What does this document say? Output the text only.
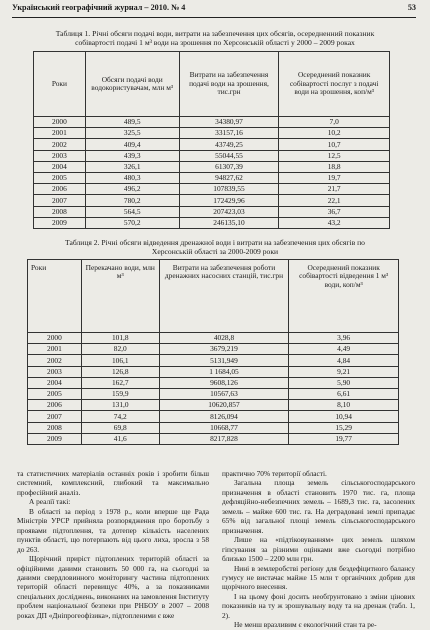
Український географічний журнал – 2010. № 4	53
Таблиця 1. Річні обсяги подачі води, витрати на забезпечення цих обсягів, осередненний показник
собівартості подачі 1 м³ води на зрошення по Херсонській області у 2000 – 2009 роках
Роки	Обсяги подачі води водокористувачам, млн м³	Витрати на забезпечення подачі води на зрошення, тис.грн	Осереднений показник собівартості послуг з подачі води на зрошення, коп/м³
2000	489,5	34380,97	7,0
2001	325,5	33157,16	10,2
2002	409,4	43749,25	10,7
2003	439,3	55044,55	12,5
2004	326,1	61307,39	18,8
2005	480,3	94827,62	19,7
2006	496,2	107839,55	21,7
2007	780,2	172429,96	22,1
2008	564,5	207423,03	36,7
2009	570,2	246135,10	43,2
Таблиця 2. Річні обсяги відведення дренажної води і витрати на забезпечення цих обсягів по
Херсонській області за 2000-2009 роки
Роки	Перекачано води, млн м³	Витрати на забезпечення роботи дренажних насосних станцій, тис.грн	Осереднений показник собівартості відведення 1 м³ води, коп/м³
2000	101,8	4028,8	3,96
2001	82,0	3679,219	4,49
2002	106,1	5131,949	4,84
2003	126,8	1 1684,05	9,21
2004	162,7	9608,126	5,90
2005	159,9	10567,63	6,61
2006	131,0	10620,857	8,10
2007	74,2	8126,094	10,94
2008	69,8	10668,77	15,29
2009	41,6	8217,828	19,77

та статистичних матеріалів останніх років і зробити більш системний, комплексний, глибокий та максимально професійний аналіз.

А реалії такі:

В області за період з 1978 р., коли вперше ще Рада Міністрів УРСР прийняла розпорядження про боротьбу з проявами підтоплення, та дотепер кількість населених пунктів області, що потерпають від цього лиха, зросла з 58 до 263.

Щорічний приріст підтоплених територій області за офіційними даними становить 50 000 га, на сьогодні за даними свердловинного моніторингу частина підтоплених територій області перевищує 40%, а за показниками спеціальних досліджень, виконаних на замовлення Інституту проблем національної безпеки при РНБОУ в 2007 – 2008 роках ДП «Дніпрогеофізика», підтопленими є вже

практично 70% території області.

Загальна площа земель сільськогосподарського призначення в області становить 1970 тис. га, площа дефляційно-небезпечних земель – 1689,3 тис. га, засолених земель – майже 600 тис. га. На деградовані землі припадає 65% від загальної площі земель сільськогосподарського призначення.

Лише на «підтіковуванням» цих земель шляхом гіпсування за різними оцінками вже сьогодні потрібно близько 1500 – 2200 млн грн.

Нині в землеробстві регіону для бездефіцитного балансу гумусу не вистачає майже 15 млн т органічних добрив для щорічного внесення.

І на цьому фоні досить необґрунтовано з зміни цінових показників на ту ж зрошувальну воду та на дренаж (табл. 1, 2).

Не менш вразливим є екологічний стан та ре-
